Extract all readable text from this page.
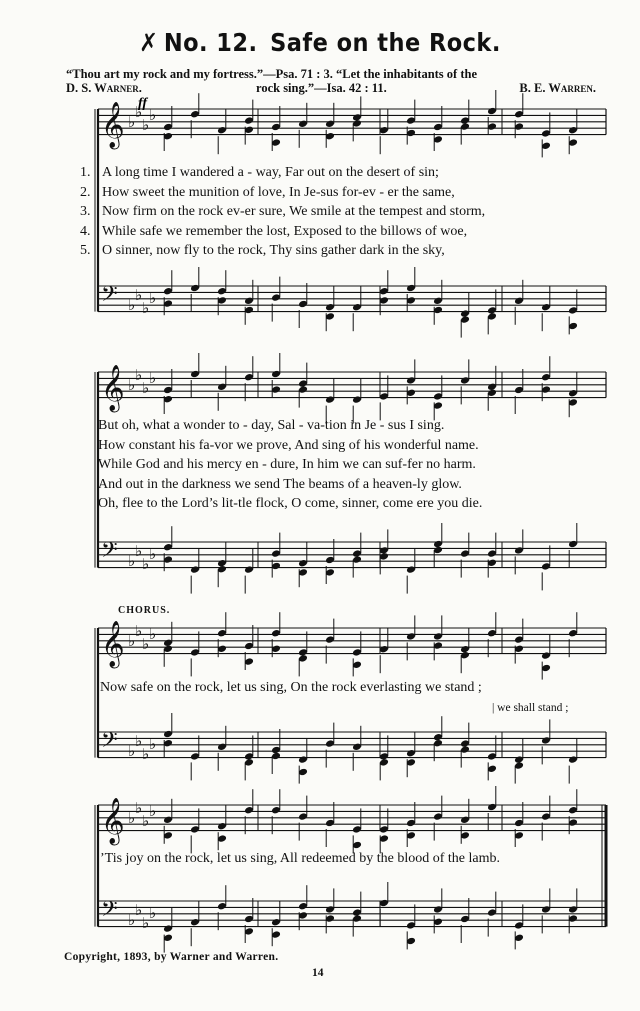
✗ No. 12. Safe on the Rock.
“Thou art my rock and my fortress.”—Psa. 71 : 3. “Let the inhabitants of the
D. S. Warner.	rock sing.”—Isa. 42 : 11.	B. E. Warren.
𝄞 ♭
♭
♭
♭
𝄢 ♭
♭
♭
♭
𝄞 ♭
♭
♭
♭
𝄢 ♭
♭
♭
♭
𝄞 ♭
♭
♭
♭
𝄢 ♭
♭
♭
♭
𝄞 ♭
♭
♭
♭
𝄢 ♭
♭
♭
♭
ff
1. A long time I wandered a - way, Far out on the desert of sin;
2. How sweet the munition of love, In Je-sus for-ev - er the same,
3. Now firm on the rock ev-er sure, We smile at the tempest and storm,
4. While safe we remember the lost, Exposed to the billows of woe,
5. O sinner, now fly to the rock, Thy sins gather dark in the sky,
But oh, what a wonder to - day, Sal - va-tion in Je - sus I sing.
How constant his fa-vor we prove, And sing of his wonderful name.
While God and his mercy en - dure, In him we can suf-fer no harm.
And out in the darkness we send The beams of a heaven-ly glow.
Oh, flee to the Lord’s lit-tle flock, O come, sinner, come ere you die.
CHORUS.
Now safe on the rock, let us sing, On the rock everlasting we stand ;
| we shall stand ;
’Tis joy on the rock, let us sing, All redeemed by the blood of the lamb.
Copyright, 1893, by Warner and Warren.
14
